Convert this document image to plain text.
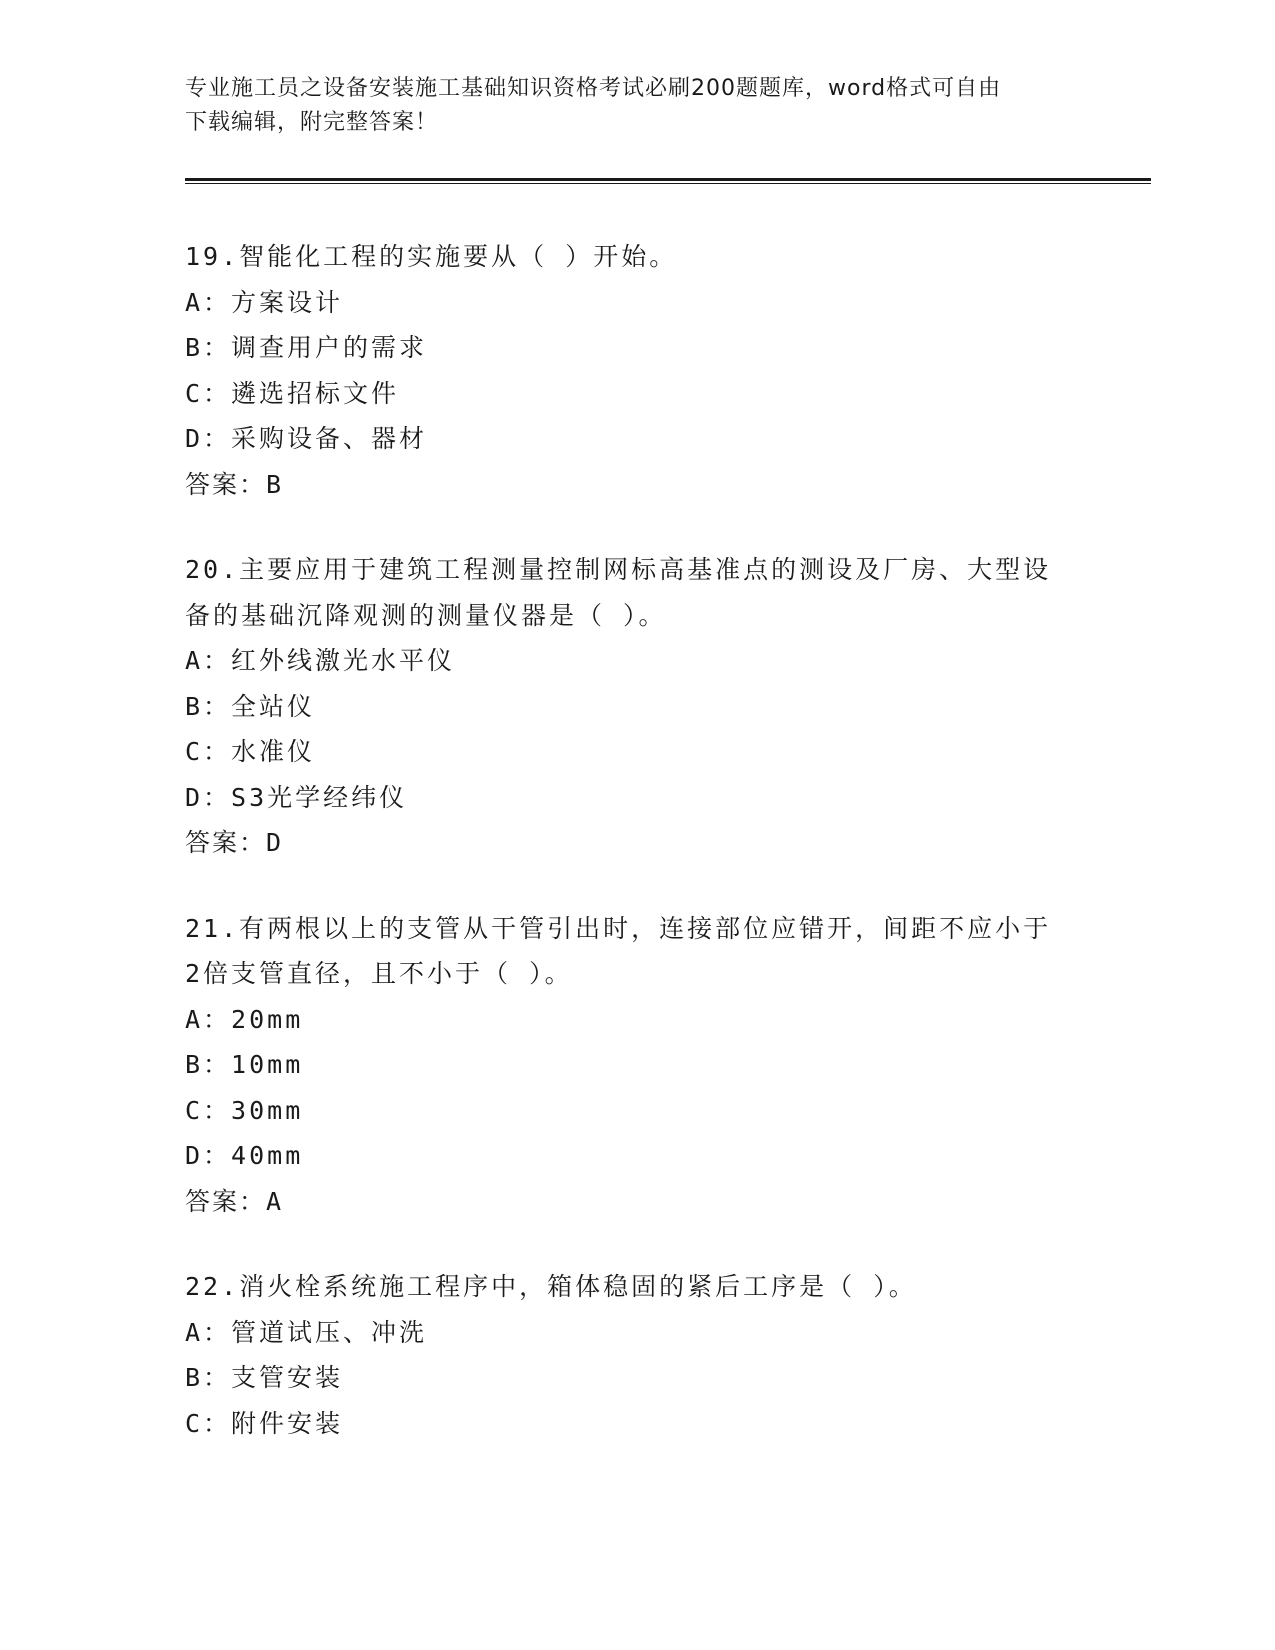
专业施工员之设备安装施工基础知识资格考试必刷200题题库，word格式可自由
下载编辑，附完整答案！
19.智能化工程的实施要从（ ）开始。
A：方案设计
B：调查用户的需求
C：遴选招标文件
D：采购设备、器材
答案：B
20.主要应用于建筑工程测量控制网标高基准点的测设及厂房、大型设
备的基础沉降观测的测量仪器是（ ）。
A：红外线激光水平仪
B：全站仪
C：水准仪
D：S3光学经纬仪
答案：D
21.有两根以上的支管从干管引出时，连接部位应错开，间距不应小于
2倍支管直径，且不小于（ ）。
A：20mm
B：10mm
C：30mm
D：40mm
答案：A
22.消火栓系统施工程序中，箱体稳固的紧后工序是（ ）。
A：管道试压、冲洗
B：支管安装
C：附件安装
